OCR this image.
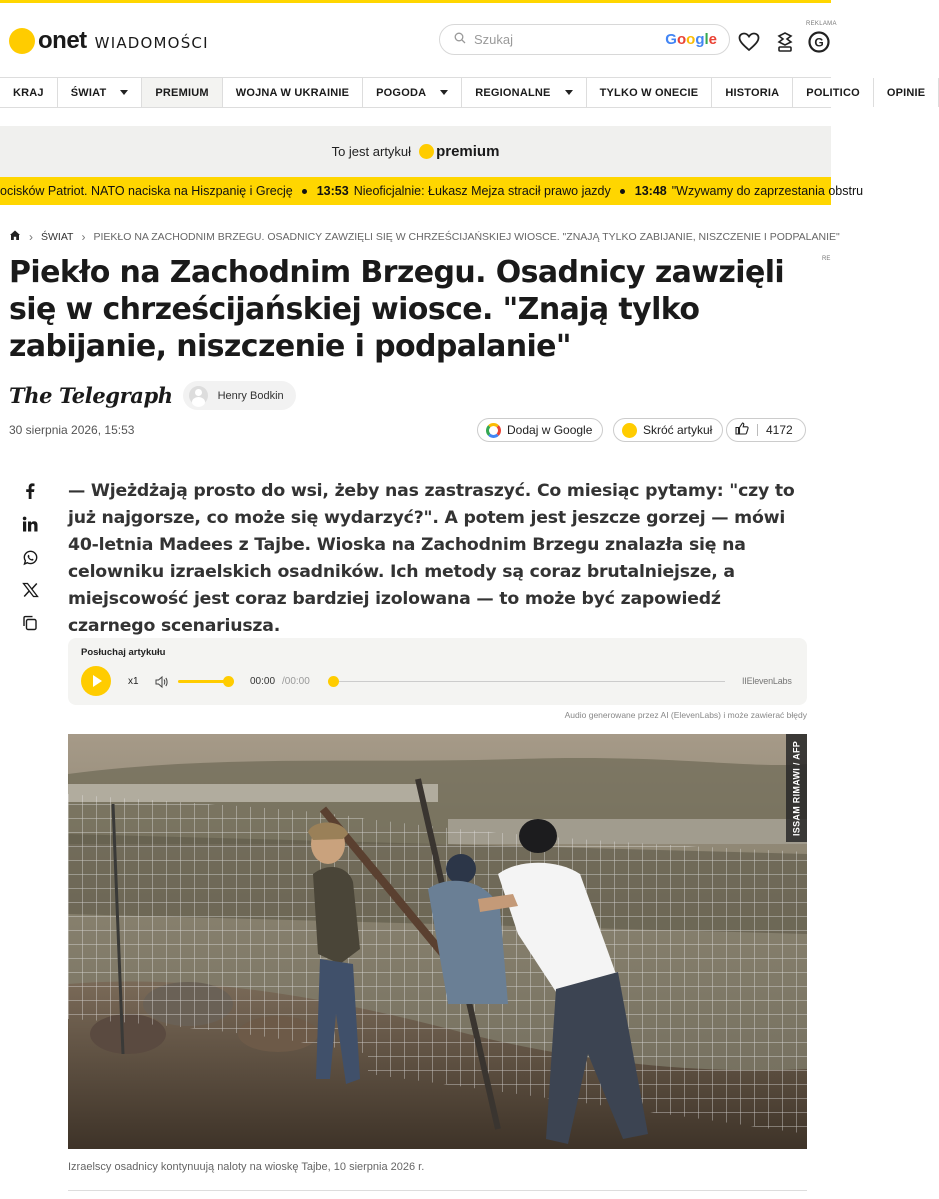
onet WIADOMOŚCI
Szukaj	Google
REKLAMA
G
KRAJ ŚWIAT	PREMIUM WOJNA W UKRAINIE POGODA	REGIONALNE	TYLKO W ONECIE HISTORIA POLITICO OPINIE
To jest artykuł premium
ocisków Patriot. NATO naciska na Hiszpanię i Grecję 13:53 Nieoficjalnie: Łukasz Mejza stracił prawo jazdy 13:48 "Wzywamy do zaprzestania obstru
› ŚWIAT › PIEKŁO NA ZACHODNIM BRZEGU. OSADNICY ZAWZIĘLI SIĘ W CHRZEŚCIJAŃSKIEJ WIOSCE. "ZNAJĄ TYLKO ZABIJANIE, NISZCZENIE I PODPALANIE"
RE
Piekło na Zachodnim Brzegu. Osadnicy zawzięli się w chrześcijańskiej wiosce. "Znają tylko zabijanie, niszczenie i podpalanie"
The Telegraph	Henry Bodkin
30 sierpnia 2026, 15:53	Dodaj w Google	Skróć artykuł	4172

— Wjeżdżają prosto do wsi, żeby nas zastraszyć. Co miesiąc pytamy: "czy to już najgorsze, co może się wydarzyć?". A potem jest jeszcze gorzej — mówi 40-letnia Madees z Tajbe. Wioska na Zachodnim Brzegu znalazła się na celowniku izraelskich osadników. Ich metody są coraz brutalniejsze, a miejscowość jest coraz bardziej izolowana — to może być zapowiedź czarnego scenariusza.

Posłuchaj artykułu
x1	00:00 /00:00	IIElevenLabs
Audio generowane przez AI (ElevenLabs) i może zawierać błędy
ISSAM RIMAWI / AFP
Izraelscy osadnicy kontynuują naloty na wioskę Tajbe, 10 sierpnia 2026 r.
